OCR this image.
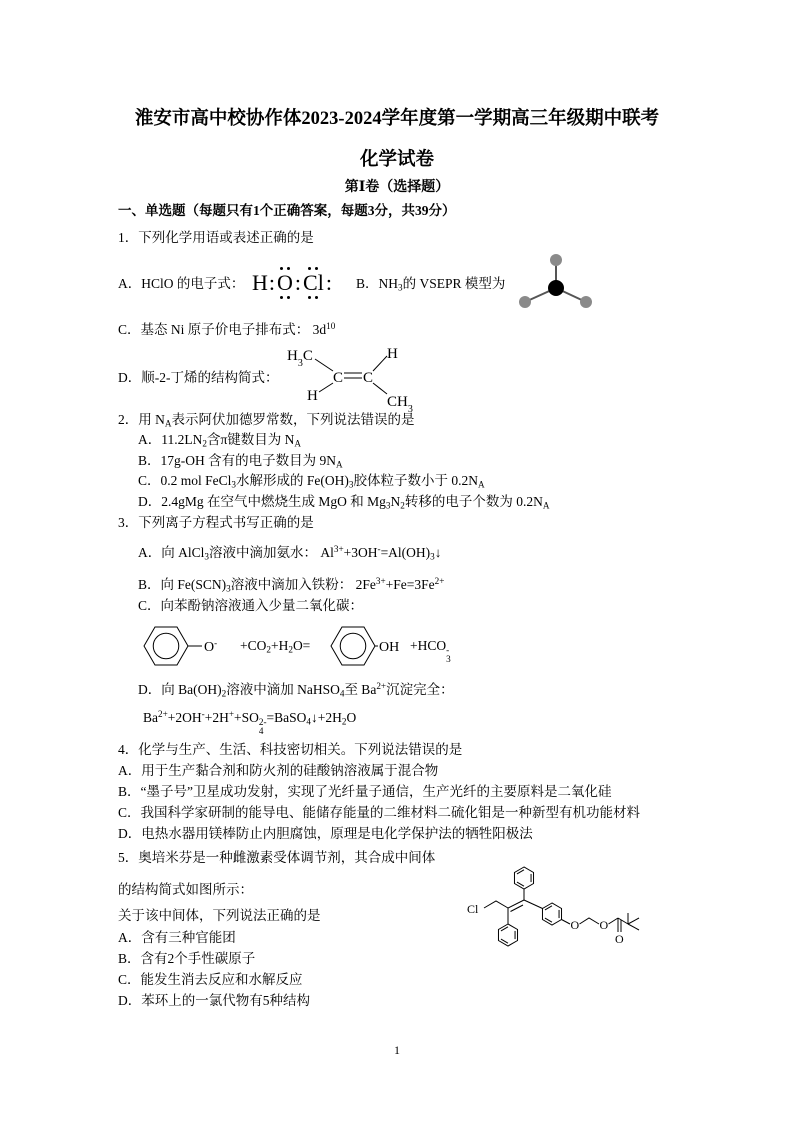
淮安市高中校协作体2023-2024学年度第一学期高三年级期中联考
化学试卷
第Ⅰ卷（选择题）
一、单选题（每题只有1个正确答案，每题3分，共39分）
1．下列化学用语或表述正确的是
A．HClO 的电子式： H : O : Cl : B．NH3的 VSEPR 模型为
C．基态 Ni 原子价电子排布式： $3d^{10}$
D．顺-2-丁烯的结构简式：
$H_3C$	H
C C
H	$CH_3$
2．用 NA表示阿伏加德罗常数，下列说法错误的是
A．11.2LN2含π键数目为 NA
B．17g-OH 含有的电子数目为 9NA
C．0.2 mol FeCl3水解形成的 Fe(OH)3胶体粒子数小于 0.2NA
D．2.4gMg 在空气中燃烧生成 MgO 和 Mg3N2转移的电子个数为 0.2NA
3．下列离子方程式书写正确的是
A．向 AlCl3溶液中滴加氨水： $Al^{3+}+3OH^-=Al(OH)3↓$
B．向 Fe(SCN)3溶液中滴加入铁粉： $2Fe^{3+}+Fe=3Fe^{2+}$
C．向苯酚钠溶液通入少量二氧化碳：
O- +CO2+H2O=	OH +HCO -
3
D．向 Ba(OH)2溶液中滴加 NaHSO4至 $Ba^{2+}$沉淀完全：
$Ba^{2+}+2OH^-+2H^++SO$ 2-
4
=BaSO4↓+2H2O
4．化学与生产、生活、科技密切相关。下列说法错误的是
A．用于生产黏合剂和防火剂的硅酸钠溶液属于混合物
B．“墨子号”卫星成功发射，实现了光纤量子通信，生产光纤的主要原料是二氧化硅
C．我国科学家研制的能导电、能储存能量的二维材料二硫化钼是一种新型有机功能材料
D．电热水器用镁棒防止内胆腐蚀，原理是电化学保护法的牺牲阳极法
5．奥培米芬是一种雌激素受体调节剂，其合成中间体
的结构简式如图所示：
关于该中间体，下列说法正确的是
A．含有三种官能团
B．含有2个手性碳原子
C．能发生消去反应和水解反应
D．苯环上的一氯代物有5种结构
Cl
O O
O
1
